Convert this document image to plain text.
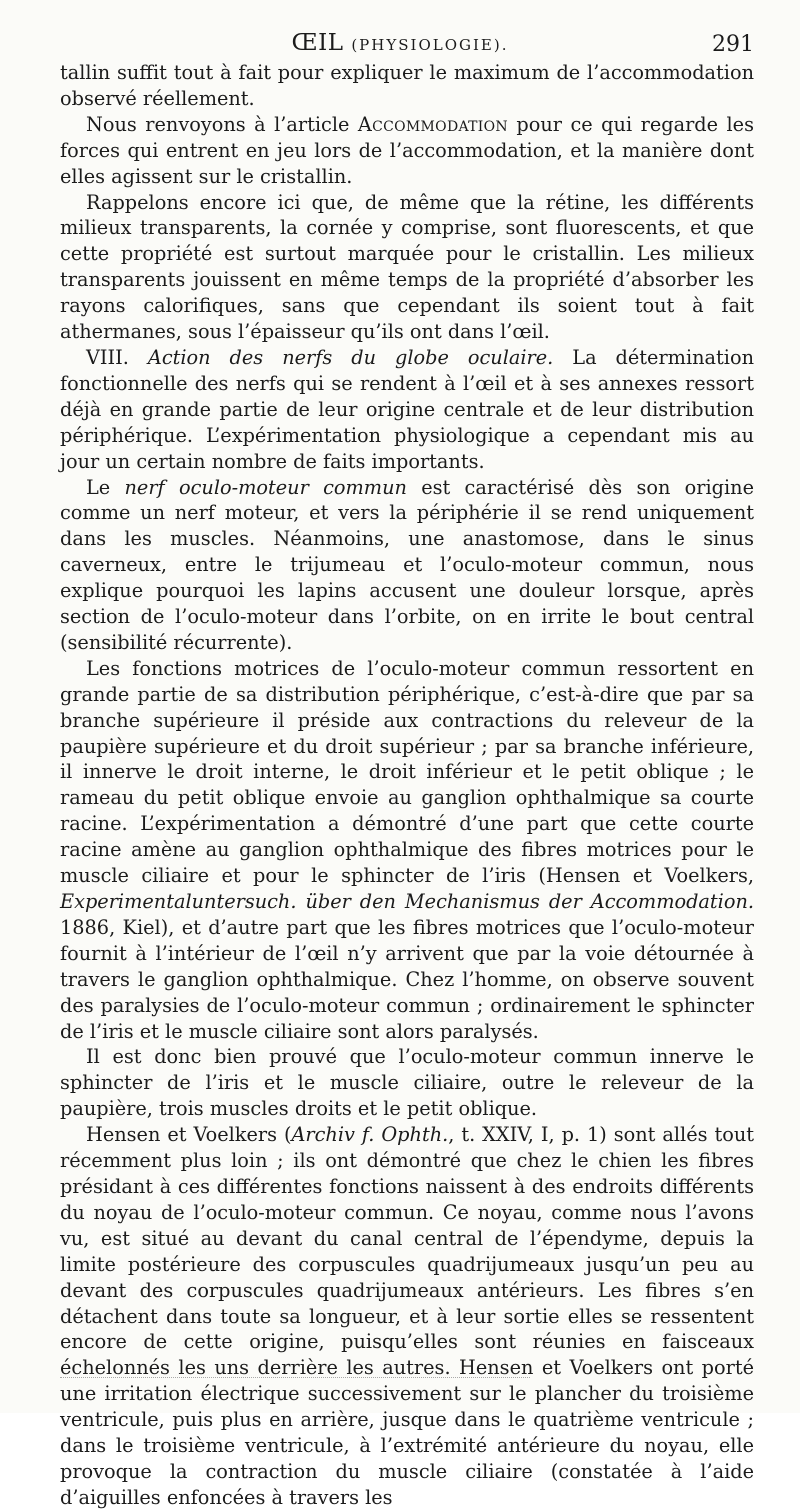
ŒIL (PHYSIOLOGIE).	291

tallin suffit tout à fait pour expliquer le maximum de l’accommodation observé réellement.

Nous renvoyons à l’article Accommodation pour ce qui regarde les forces qui entrent en jeu lors de l’accommodation, et la manière dont elles agissent sur le cristallin.

Rappelons encore ici que, de même que la rétine, les différents milieux transparents, la cornée y comprise, sont fluorescents, et que cette propriété est surtout marquée pour le cristallin. Les milieux transparents jouissent en même temps de la propriété d’absorber les rayons calorifiques, sans que cependant ils soient tout à fait athermanes, sous l’épaisseur qu’ils ont dans l’œil.

VIII. Action des nerfs du globe oculaire. La détermination fonctionnelle des nerfs qui se rendent à l’œil et à ses annexes ressort déjà en grande partie de leur origine centrale et de leur distribution périphérique. L’expérimentation physiologique a cependant mis au jour un certain nombre de faits importants.

Le nerf oculo-moteur commun est caractérisé dès son origine comme un nerf moteur, et vers la périphérie il se rend uniquement dans les muscles. Néanmoins, une anastomose, dans le sinus caverneux, entre le trijumeau et l’oculo-moteur commun, nous explique pourquoi les lapins accusent une douleur lorsque, après section de l’oculo-moteur dans l’orbite, on en irrite le bout central (sensibilité récurrente).

Les fonctions motrices de l’oculo-moteur commun ressortent en grande partie de sa distribution périphérique, c’est-à-dire que par sa branche supérieure il préside aux contractions du releveur de la paupière supérieure et du droit supérieur ; par sa branche inférieure, il innerve le droit interne, le droit inférieur et le petit oblique ; le rameau du petit oblique envoie au ganglion ophthalmique sa courte racine. L’expérimentation a démontré d’une part que cette courte racine amène au ganglion ophthalmique des fibres motrices pour le muscle ciliaire et pour le sphincter de l’iris (Hensen et Voelkers, Experimentaluntersuch. über den Mechanismus der Accommodation. 1886, Kiel), et d’autre part que les fibres motrices que l’oculo-moteur fournit à l’intérieur de l’œil n’y arrivent que par la voie détournée à travers le ganglion ophthalmique. Chez l’homme, on observe souvent des paralysies de l’oculo-moteur commun ; ordinairement le sphincter de l’iris et le muscle ciliaire sont alors paralysés.

Il est donc bien prouvé que l’oculo-moteur commun innerve le sphincter de l’iris et le muscle ciliaire, outre le releveur de la paupière, trois muscles droits et le petit oblique.

Hensen et Voelkers (Archiv f. Ophth., t. XXIV, I, p. 1) sont allés tout récemment plus loin ; ils ont démontré que chez le chien les fibres présidant à ces différentes fonctions naissent à des endroits différents du noyau de l’oculo-moteur commun. Ce noyau, comme nous l’avons vu, est situé au devant du canal central de l’épendyme, depuis la limite postérieure des corpuscules quadrijumeaux jusqu’un peu au devant des corpuscules quadrijumeaux antérieurs. Les fibres s’en détachent dans toute sa longueur, et à leur sortie elles se ressentent encore de cette origine, puisqu’elles sont réunies en faisceaux échelonnés les uns derrière les autres. Hensen et Voelkers ont porté une irritation électrique successivement sur le plancher du troisième ventricule, puis plus en arrière, jusque dans le quatrième ventricule ; dans le troisième ventricule, à l’extrémité antérieure du noyau, elle provoque la contraction du muscle ciliaire (constatée à l’aide d’aiguilles enfoncées à travers les
